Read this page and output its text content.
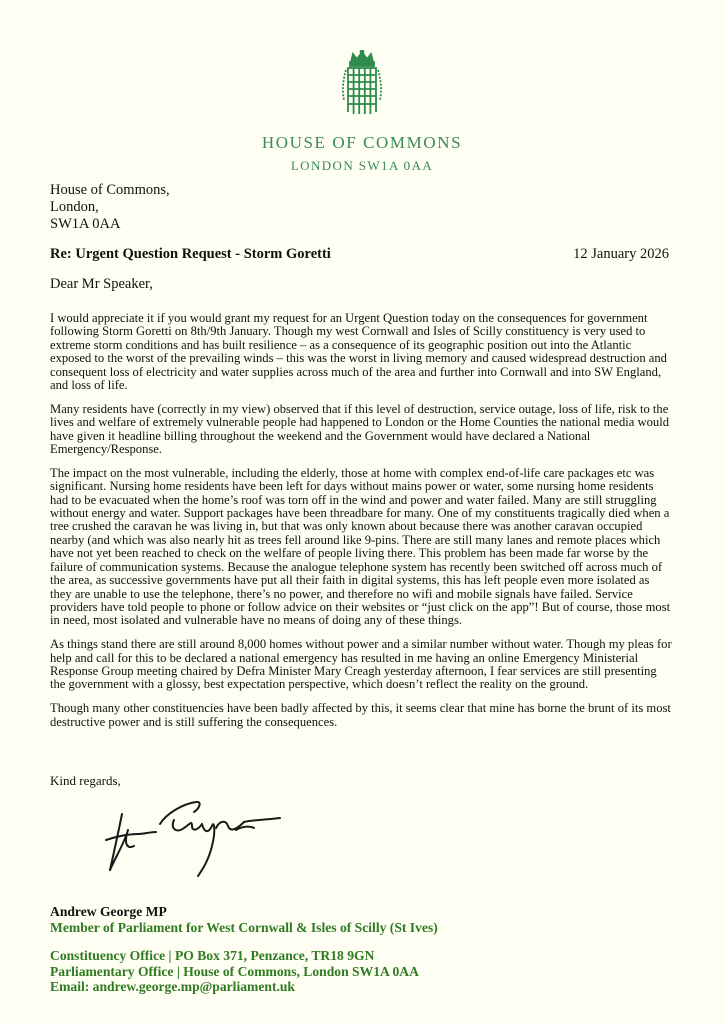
HOUSE OF COMMONS
LONDON SW1A 0AA
House of Commons,
London,
SW1A 0AA
Re: Urgent Question Request - Storm Goretti	12 January 2026
Dear Mr Speaker,

I would appreciate it if you would grant my request for an Urgent Question today on the consequences for government following Storm Goretti on 8th/9th January. Though my west Cornwall and Isles of Scilly constituency is very used to extreme storm conditions and has built resilience – as a consequence of its geographic position out into the Atlantic exposed to the worst of the prevailing winds – this was the worst in living memory and caused widespread destruction and consequent loss of electricity and water supplies across much of the area and further into Cornwall and into SW England, and loss of life.

Many residents have (correctly in my view) observed that if this level of destruction, service outage, loss of life, risk to the lives and welfare of extremely vulnerable people had happened to London or the Home Counties the national media would have given it headline billing throughout the weekend and the Government would have declared a National Emergency/Response.

The impact on the most vulnerable, including the elderly, those at home with complex end-of-life care packages etc was significant. Nursing home residents have been left for days without mains power or water, some nursing home residents had to be evacuated when the home’s roof was torn off in the wind and power and water failed. Many are still struggling without energy and water. Support packages have been threadbare for many. One of my constituents tragically died when a tree crushed the caravan he was living in, but that was only known about because there was another caravan occupied nearby (and which was also nearly hit as trees fell around like 9-pins. There are still many lanes and remote places which have not yet been reached to check on the welfare of people living there. This problem has been made far worse by the failure of communication systems. Because the analogue telephone system has recently been switched off across much of the area, as successive governments have put all their faith in digital systems, this has left people even more isolated as they are unable to use the telephone, there’s no power, and therefore no wifi and mobile signals have failed. Service providers have told people to phone or follow advice on their websites or “just click on the app”! But of course, those most in need, most isolated and vulnerable have no means of doing any of these things.

As things stand there are still around 8,000 homes without power and a similar number without water. Though my pleas for help and call for this to be declared a national emergency has resulted in me having an online Emergency Ministerial Response Group meeting chaired by Defra Minister Mary Creagh yesterday afternoon, I fear services are still presenting the government with a glossy, best expectation perspective, which doesn’t reflect the reality on the ground.

Though many other constituencies have been badly affected by this, it seems clear that mine has borne the brunt of its most destructive power and is still suffering the consequences.

Kind regards,
Andrew George MP
Member of Parliament for West Cornwall & Isles of Scilly (St Ives)
Constituency Office | PO Box 371, Penzance, TR18 9GN
Parliamentary Office | House of Commons, London SW1A 0AA
Email: andrew.george.mp@parliament.uk
